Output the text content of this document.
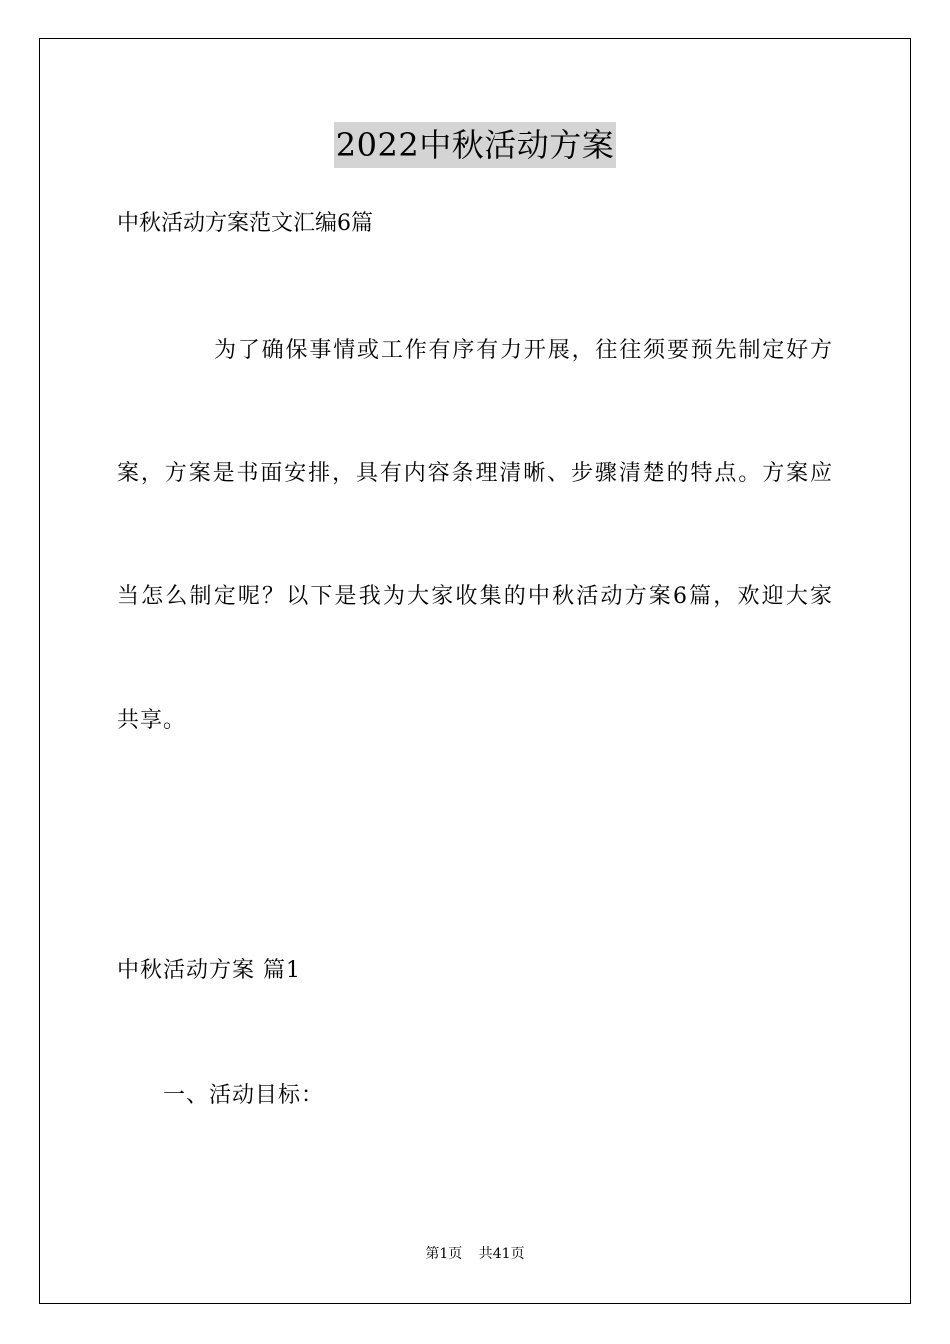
2022中秋活动方案
中秋活动方案范文汇编6篇
为了确保事情或工作有序有力开展，往往须要预先制定好方
案，方案是书面安排，具有内容条理清晰、步骤清楚的特点。方案应
当怎么制定呢？以下是我为大家收集的中秋活动方案6篇，欢迎大家
共享。
中秋活动方案 篇1
一、活动目标：
第1页 共41页
